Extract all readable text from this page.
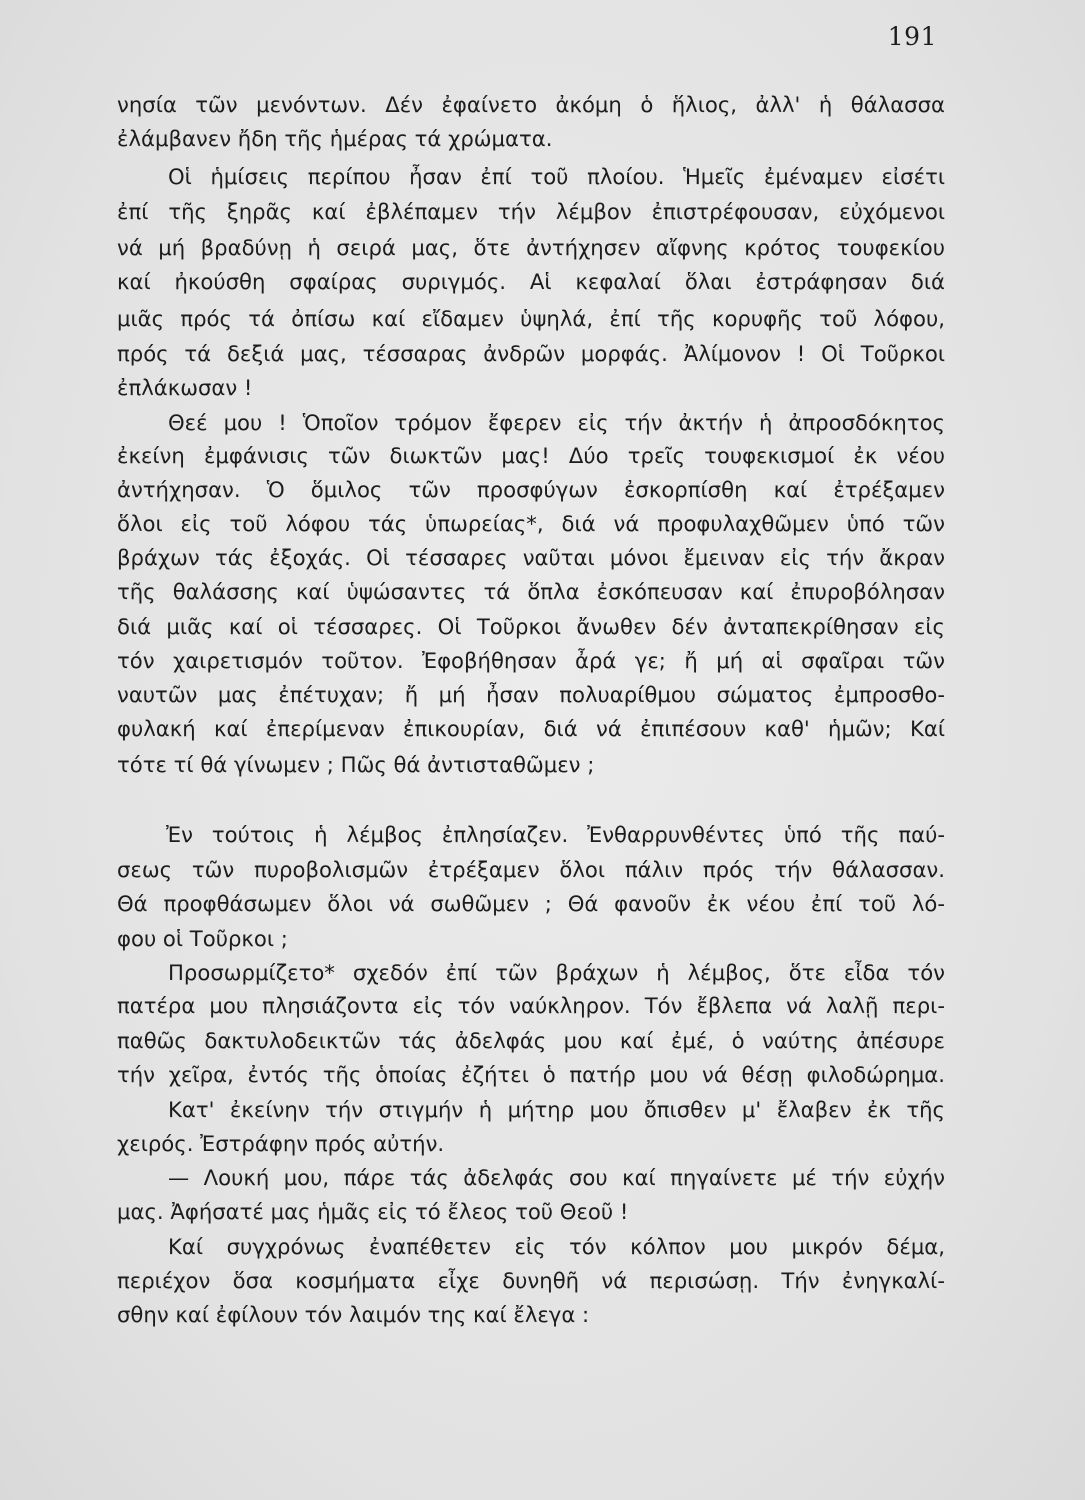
191
νησία τῶν μενόντων. Δέν ἐφαίνετο ἀκόμη ὁ ἥλιος, ἀλλ' ἡ θάλασσα
ἐλάμβανεν ἤδη τῆς ἡμέρας τά χρώματα.
Οἱ ἡμίσεις περίπου ἦσαν ἐπί τοῦ πλοίου. Ἡμεῖς ἐμέναμεν εἰσέτι
ἐπί τῆς ξηρᾶς καί ἐβλέπαμεν τήν λέμβον ἐπιστρέφουσαν, εὐχόμενοι
νά μή βραδύνῃ ἡ σειρά μας, ὅτε ἀντήχησεν αἴφνης κρότος τουφεκίου
καί ἠκούσθη σφαίρας συριγμός. Αἱ κεφαλαί ὅλαι ἐστράφησαν διά
μιᾶς πρός τά ὀπίσω καί εἴδαμεν ὑψηλά, ἐπί τῆς κορυφῆς τοῦ λόφου,
πρός τά δεξιά μας, τέσσαρας ἀνδρῶν μορφάς. Ἀλίμονον ! Οἱ Τοῦρκοι
ἐπλάκωσαν !
Θεέ μου ! Ὁποῖον τρόμον ἔφερεν εἰς τήν ἀκτήν ἡ ἀπροσδόκητος
ἐκείνη ἐμφάνισις τῶν διωκτῶν μας! Δύο τρεῖς τουφεκισμοί ἐκ νέου
ἀντήχησαν. Ὁ ὅμιλος τῶν προσφύγων ἐσκορπίσθη καί ἐτρέξαμεν
ὅλοι εἰς τοῦ λόφου τάς ὑπωρείας*, διά νά προφυλαχθῶμεν ὑπό τῶν
βράχων τάς ἐξοχάς. Οἱ τέσσαρες ναῦται μόνοι ἔμειναν εἰς τήν ἄκραν
τῆς θαλάσσης καί ὑψώσαντες τά ὅπλα ἐσκόπευσαν καί ἐπυροβόλησαν
διά μιᾶς καί οἱ τέσσαρες. Οἱ Τοῦρκοι ἄνωθεν δέν ἀνταπεκρίθησαν εἰς
τόν χαιρετισμόν τοῦτον. Ἐφοβήθησαν ἆρά γε; ἤ μή αἱ σφαῖραι τῶν
ναυτῶν μας ἐπέτυχαν; ἤ μή ἦσαν πολυαρίθμου σώματος ἐμπροσθο-
φυλακή καί ἐπερίμεναν ἐπικουρίαν, διά νά ἐπιπέσουν καθ' ἡμῶν; Καί
τότε τί θά γίνωμεν ; Πῶς θά ἀντισταθῶμεν ;
Ἐν τούτοις ἡ λέμβος ἐπλησίαζεν. Ἐνθαρρυνθέντες ὑπό τῆς παύ-
σεως τῶν πυροβολισμῶν ἐτρέξαμεν ὅλοι πάλιν πρός τήν θάλασσαν.
Θά προφθάσωμεν ὅλοι νά σωθῶμεν ; Θά φανοῦν ἐκ νέου ἐπί τοῦ λό-
φου οἱ Τοῦρκοι ;
Προσωρμίζετο* σχεδόν ἐπί τῶν βράχων ἡ λέμβος, ὅτε εἶδα τόν
πατέρα μου πλησιάζοντα εἰς τόν ναύκληρον. Τόν ἔβλεπα νά λαλῇ περι-
παθῶς δακτυλοδεικτῶν τάς ἀδελφάς μου καί ἐμέ, ὁ ναύτης ἀπέσυρε
τήν χεῖρα, ἐντός τῆς ὁποίας ἐζήτει ὁ πατήρ μου νά θέσῃ φιλοδώρημα.
Κατ' ἐκείνην τήν στιγμήν ἡ μήτηρ μου ὄπισθεν μ' ἔλαβεν ἐκ τῆς
χειρός. Ἐστράφην πρός αὐτήν.
— Λουκή μου, πάρε τάς ἀδελφάς σου καί πηγαίνετε μέ τήν εὐχήν
μας. Ἀφήσατέ μας ἡμᾶς εἰς τό ἔλεος τοῦ Θεοῦ !
Καί συγχρόνως ἐναπέθετεν εἰς τόν κόλπον μου μικρόν δέμα,
περιέχον ὅσα κοσμήματα εἶχε δυνηθῆ νά περισώσῃ. Τήν ἐνηγκαλί-
σθην καί ἐφίλουν τόν λαιμόν της καί ἔλεγα :
